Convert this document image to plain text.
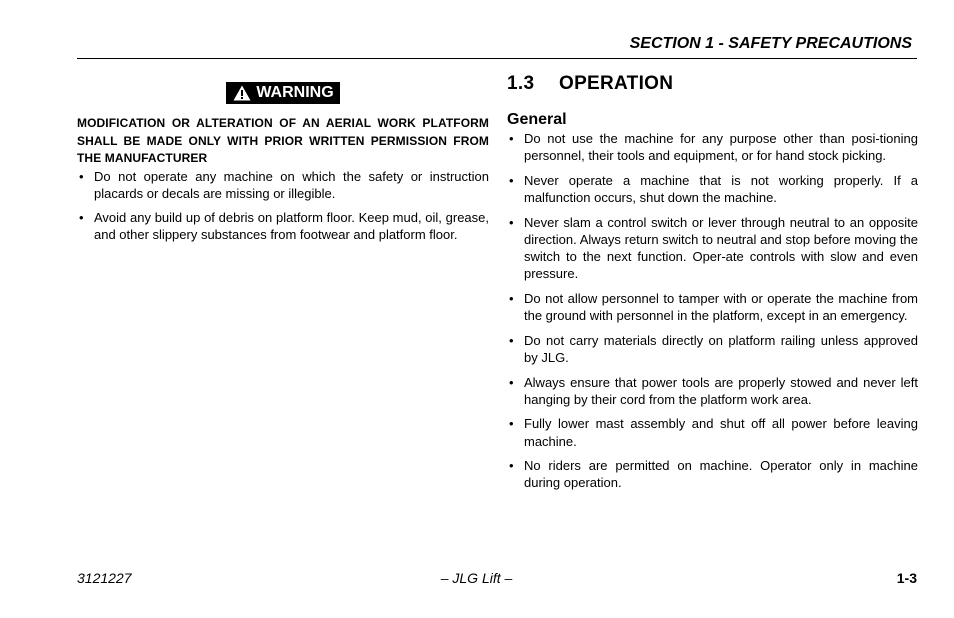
SECTION 1 - SAFETY PRECAUTIONS
WARNING
MODIFICATION OR ALTERATION OF AN AERIAL WORK PLATFORM SHALL BE MADE ONLY WITH PRIOR WRITTEN PERMISSION FROM THE MANUFACTURER
• Do not operate any machine on which the safety or instruction placards or decals are missing or illegible.
• Avoid any build up of debris on platform floor. Keep mud, oil, grease, and other slippery substances from footwear and platform floor.
1.3 OPERATION
General
• Do not use the machine for any purpose other than posi-tioning personnel, their tools and equipment, or for hand stock picking.
• Never operate a machine that is not working properly. If a malfunction occurs, shut down the machine.
• Never slam a control switch or lever through neutral to an opposite direction. Always return switch to neutral and stop before moving the switch to the next function. Oper-ate controls with slow and even pressure.
• Do not allow personnel to tamper with or operate the machine from the ground with personnel in the platform, except in an emergency.
• Do not carry materials directly on platform railing unless approved by JLG.
• Always ensure that power tools are properly stowed and never left hanging by their cord from the platform work area.
• Fully lower mast assembly and shut off all power before leaving machine.
• No riders are permitted on machine. Operator only in machine during operation.
3121227	– JLG Lift –	1-3
